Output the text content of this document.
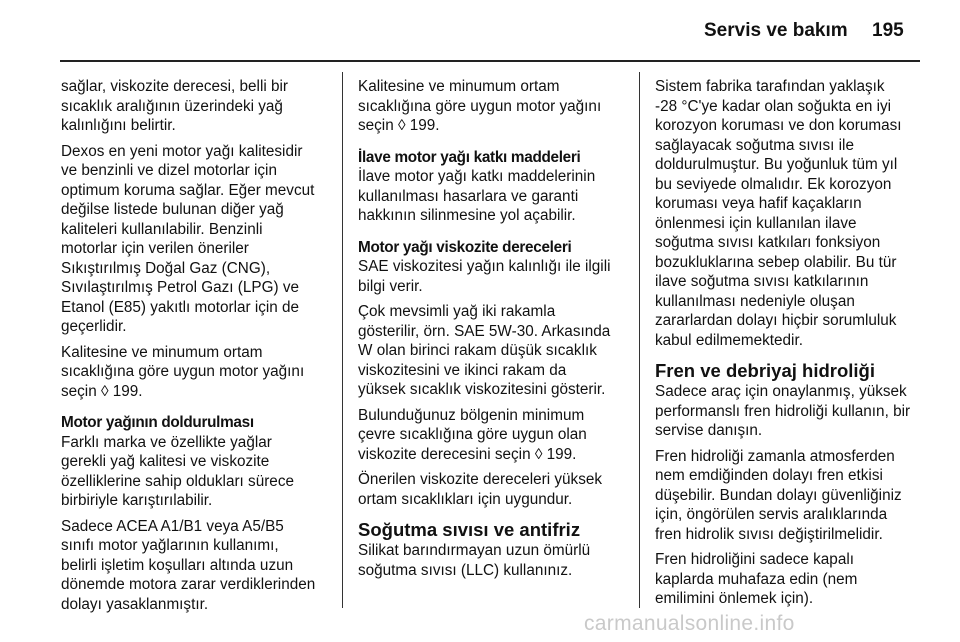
Servis ve bakım 195

sağlar, viskozite derecesi, belli bir
sıcaklık aralığının üzerindeki yağ
kalınlığını belirtir.

Dexos en yeni motor yağı kalitesidir
ve benzinli ve dizel motorlar için
optimum koruma sağlar. Eğer mevcut
değilse listede bulunan diğer yağ
kaliteleri kullanılabilir. Benzinli
motorlar için verilen öneriler
Sıkıştırılmış Doğal Gaz (CNG),
Sıvılaştırılmış Petrol Gazı (LPG) ve
Etanol (E85) yakıtlı motorlar için de
geçerlidir.

Kalitesine ve minumum ortam
sıcaklığına göre uygun motor yağını
seçin ◊ 199.

Motor yağının doldurulması

Farklı marka ve özellikte yağlar
gerekli yağ kalitesi ve viskozite
özelliklerine sahip oldukları sürece
birbiriyle karıştırılabilir.

Sadece ACEA A1/B1 veya A5/B5
sınıfı motor yağlarının kullanımı,
belirli işletim koşulları altında uzun
dönemde motora zarar verdiklerinden
dolayı yasaklanmıştır.

Kalitesine ve minumum ortam
sıcaklığına göre uygun motor yağını
seçin ◊ 199.

İlave motor yağı katkı maddeleri

İlave motor yağı katkı maddelerinin
kullanılması hasarlara ve garanti
hakkının silinmesine yol açabilir.

Motor yağı viskozite dereceleri

SAE viskozitesi yağın kalınlığı ile ilgili
bilgi verir.

Çok mevsimli yağ iki rakamla
gösterilir, örn. SAE 5W-30. Arkasında
W olan birinci rakam düşük sıcaklık
viskozitesini ve ikinci rakam da
yüksek sıcaklık viskozitesini gösterir.

Bulunduğunuz bölgenin minimum
çevre sıcaklığına göre uygun olan
viskozite derecesini seçin ◊ 199.

Önerilen viskozite dereceleri yüksek
ortam sıcaklıkları için uygundur.

Soğutma sıvısı ve antifriz

Silikat barındırmayan uzun ömürlü
soğutma sıvısı (LLC) kullanınız.

Sistem fabrika tarafından yaklaşık
-28 °C'ye kadar olan soğukta en iyi
korozyon koruması ve don koruması
sağlayacak soğutma sıvısı ile
doldurulmuştur. Bu yoğunluk tüm yıl
bu seviyede olmalıdır. Ek korozyon
koruması veya hafif kaçakların
önlenmesi için kullanılan ilave
soğutma sıvısı katkıları fonksiyon
bozukluklarına sebep olabilir. Bu tür
ilave soğutma sıvısı katkılarının
kullanılması nedeniyle oluşan
zararlardan dolayı hiçbir sorumluluk
kabul edilmemektedir.

Fren ve debriyaj hidroliği

Sadece araç için onaylanmış, yüksek
performanslı fren hidroliği kullanın, bir
servise danışın.

Fren hidroliği zamanla atmosferden
nem emdiğinden dolayı fren etkisi
düşebilir. Bundan dolayı güvenliğiniz
için, öngörülen servis aralıklarında
fren hidrolik sıvısı değiştirilmelidir.

Fren hidroliğini sadece kapalı
kaplarda muhafaza edin (nem
emilimini önlemek için).

carmanualsonline.info
